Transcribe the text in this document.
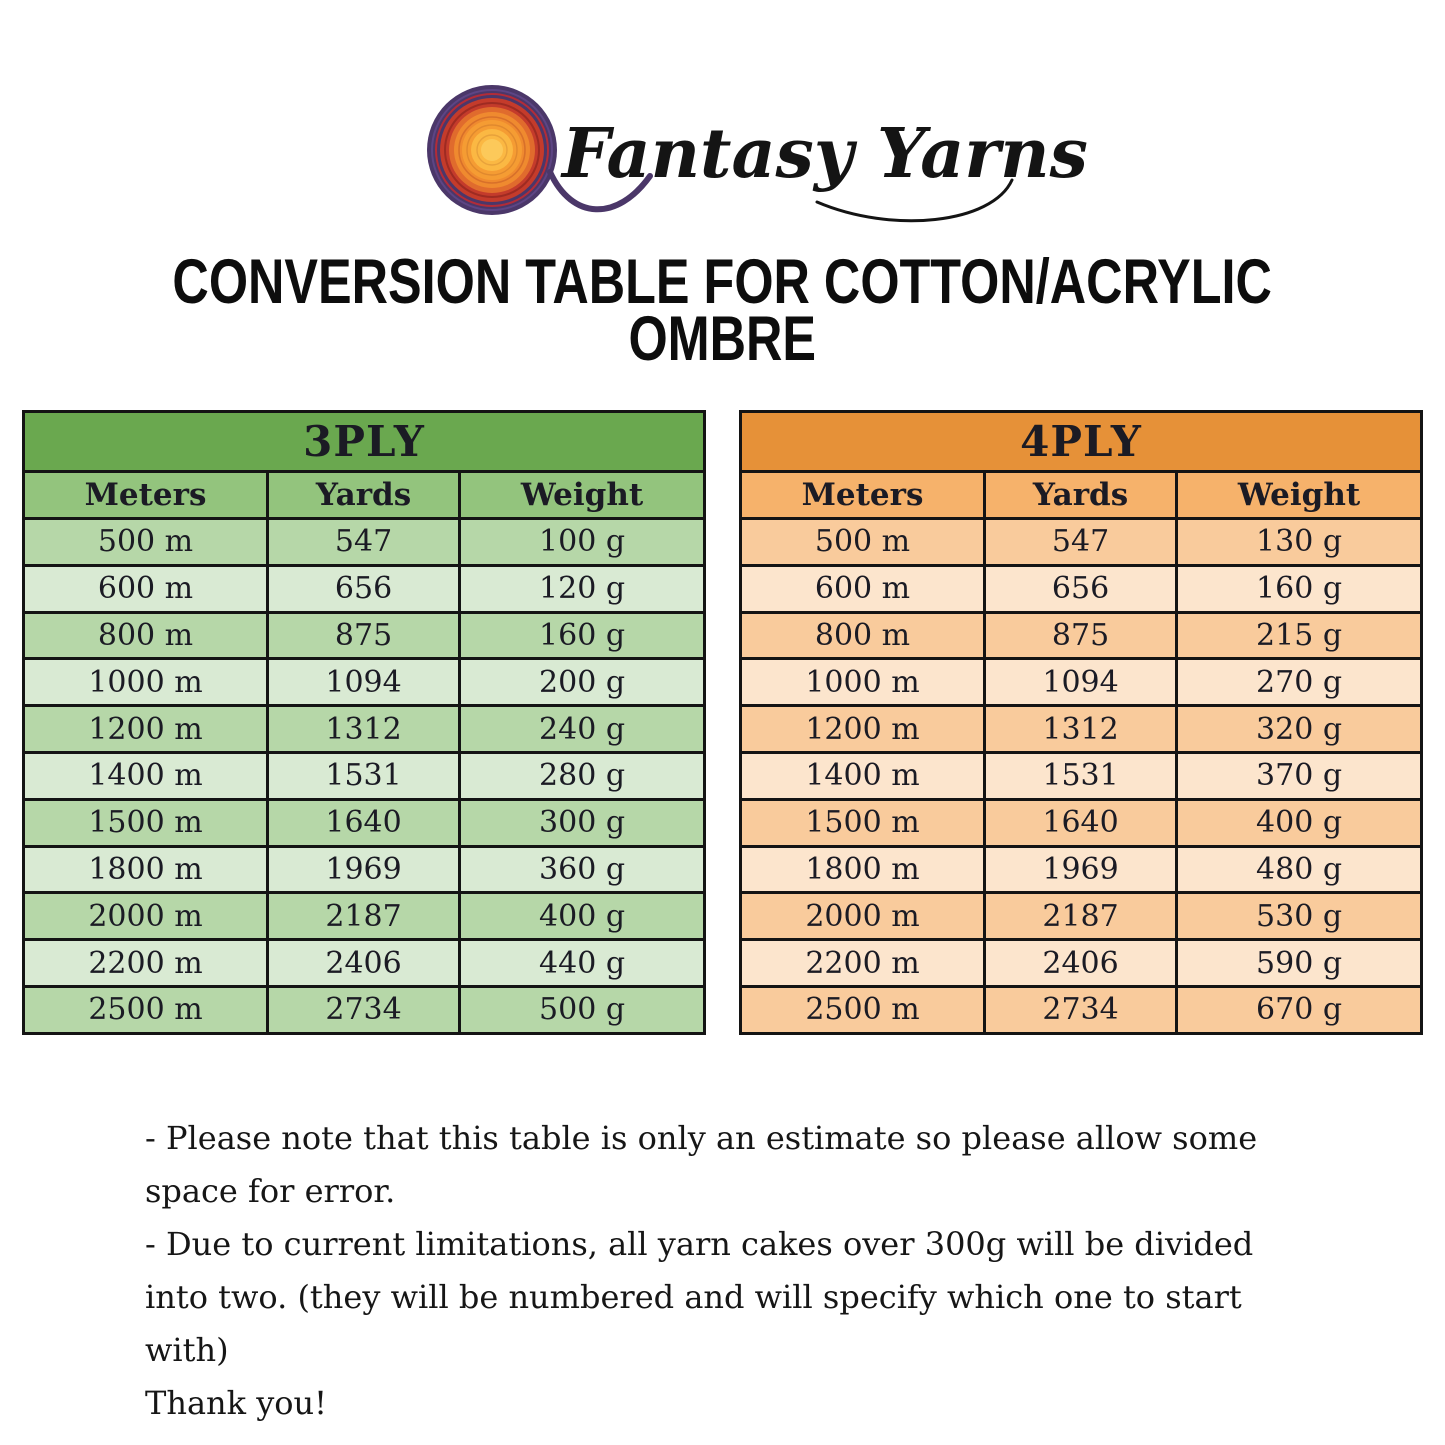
Fantasy Yarns
CONVERSION TABLE FOR COTTON/ACRYLIC
OMBRE
3PLY		
Meters	Yards	Weight
500 m	547	100 g
600 m	656	120 g
800 m	875	160 g
1000 m	1094	200 g
1200 m	1312	240 g
1400 m	1531	280 g
1500 m	1640	300 g
1800 m	1969	360 g
2000 m	2187	400 g
2200 m	2406	440 g
2500 m	2734	500 g
4PLY		
Meters	Yards	Weight
500 m	547	130 g
600 m	656	160 g
800 m	875	215 g
1000 m	1094	270 g
1200 m	1312	320 g
1400 m	1531	370 g
1500 m	1640	400 g
1800 m	1969	480 g
2000 m	2187	530 g
2200 m	2406	590 g
2500 m	2734	670 g

- Please note that this table is only an estimate so please allow some space for error.

- Due to current limitations, all yarn cakes over 300g will be divided into two. (they will be numbered and will specify which one to start with)

Thank you!
